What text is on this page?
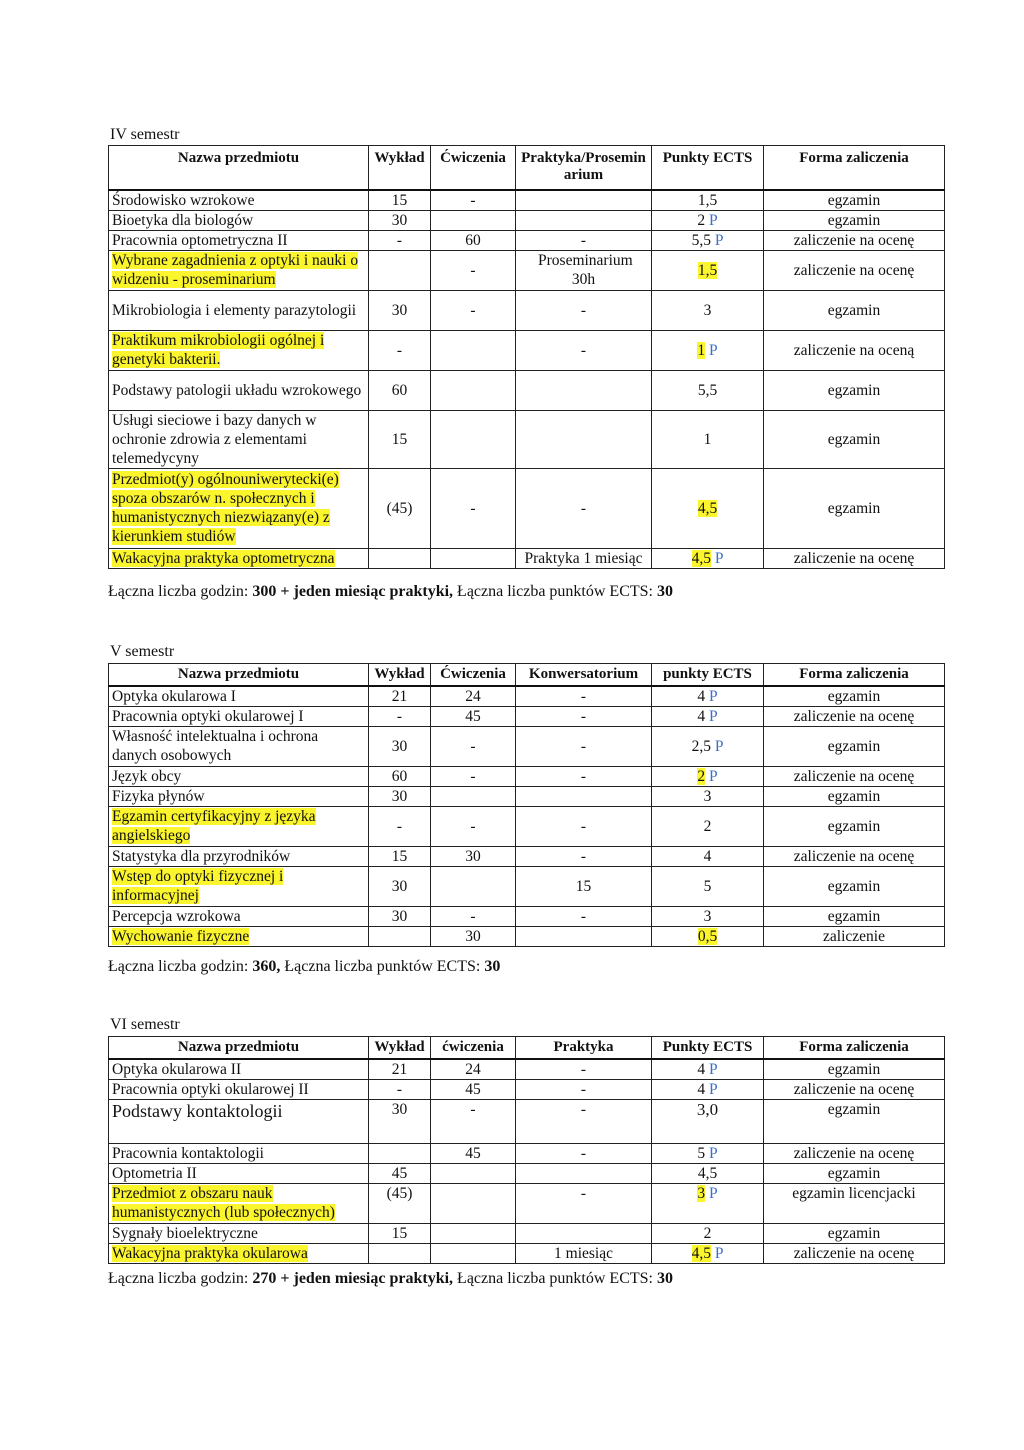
IV semestr
Nazwa przedmiotu	Wykład	Ćwiczenia	Praktyka/Proseminarium	Punkty ECTS	Forma zaliczenia
Środowisko wzrokowe	15	-		1,5	egzamin
Bioetyka dla biologów	30			2 P	egzamin
Pracownia optometryczna II	-	60	-	5,5 P	zaliczenie na ocenę
Wybrane zagadnienia z optyki i nauki o widzeniu - proseminarium		-	Proseminarium 30h	1,5	zaliczenie na ocenę
Mikrobiologia i elementy parazytologii	30	-	-	3	egzamin
Praktikum mikrobiologii ogólnej i genetyki bakterii.	-		-	1 P	zaliczenie na oceną
Podstawy patologii układu wzrokowego	60			5,5	egzamin
Usługi sieciowe i bazy danych w ochronie zdrowia z elementami telemedycyny	15			1	egzamin
Przedmiot(y) ogólnouniwerytecki(e) spoza obszarów n. społecznych i humanistycznych niezwiązany(e) z kierunkiem studiów	(45)	-	-	4,5	egzamin
Wakacyjna praktyka optometryczna			Praktyka 1 miesiąc	4,5 P	zaliczenie na ocenę
Łączna liczba godzin: 300 + jeden miesiąc praktyki, Łączna liczba punktów ECTS: 30
V semestr
Nazwa przedmiotu	Wykład	Ćwiczenia	Konwersatorium	punkty ECTS	Forma zaliczenia
Optyka okularowa I	21	24	-	4 P	egzamin
Pracownia optyki okularowej I	-	45	-	4 P	zaliczenie na ocenę
Własność intelektualna i ochrona danych osobowych	30	-	-	2,5 P	egzamin
Język obcy	60	-	-	2 P	zaliczenie na ocenę
Fizyka płynów	30			3	egzamin
Egzamin certyfikacyjny z języka angielskiego	-	-	-	2	egzamin
Statystyka dla przyrodników	15	30	-	4	zaliczenie na ocenę
Wstęp do optyki fizycznej i informacyjnej	30		15	5	egzamin
Percepcja wzrokowa	30	-	-	3	egzamin
Wychowanie fizyczne		30		0,5	zaliczenie
Łączna liczba godzin: 360, Łączna liczba punktów ECTS: 30
VI semestr
Nazwa przedmiotu	Wykład	ćwiczenia	Praktyka	Punkty ECTS	Forma zaliczenia
Optyka okularowa II	21	24	-	4 P	egzamin
Pracownia optyki okularowej II	-	45	-	4 P	zaliczenie na ocenę
Podstawy kontaktologii	30	-	-	3,0	egzamin
Pracownia kontaktologii		45	-	5 P	zaliczenie na ocenę
Optometria II	45			4,5	egzamin
Przedmiot z obszaru nauk humanistycznych (lub społecznych)	(45)		-	3 P	egzamin licencjacki
Sygnały bioelektryczne	15			2	egzamin
Wakacyjna praktyka okularowa			1 miesiąc	4,5 P	zaliczenie na ocenę
Łączna liczba godzin: 270 + jeden miesiąc praktyki, Łączna liczba punktów ECTS: 30
